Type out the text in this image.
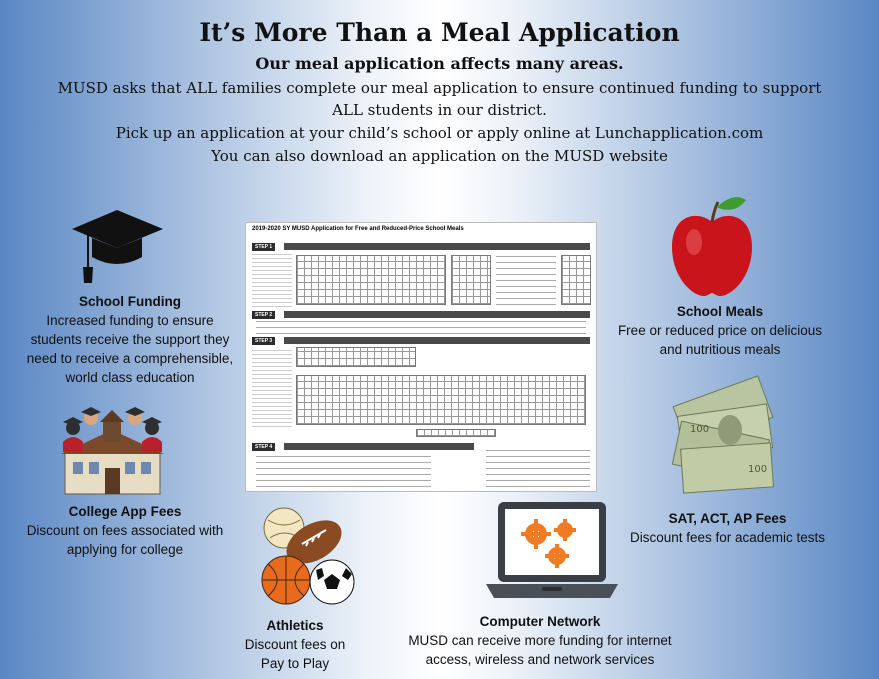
It’s More Than a Meal Application
Our meal application affects many areas.
MUSD asks that ALL families complete our meal application to ensure continued funding to support
ALL students in our district.
Pick up an application at your child’s school or apply online at Lunchapplication.com
You can also download an application on the MUSD website
School Funding
Increased funding to ensure
students receive the support they
need to receive a comprehensible,
world class education
College App Fees
Discount on fees associated with
applying for college
2019-2020 SY MUSD Application for Free and Reduced-Price School Meals
STEP 1
STEP 2
STEP 3
STEP 4
School Meals
Free or reduced price on delicious
and nutritious meals
100
100
SAT, ACT, AP Fees
Discount fees for academic tests
Athletics
Discount fees on
Pay to Play
Computer Network
MUSD can receive more funding for internet
access, wireless and network services
